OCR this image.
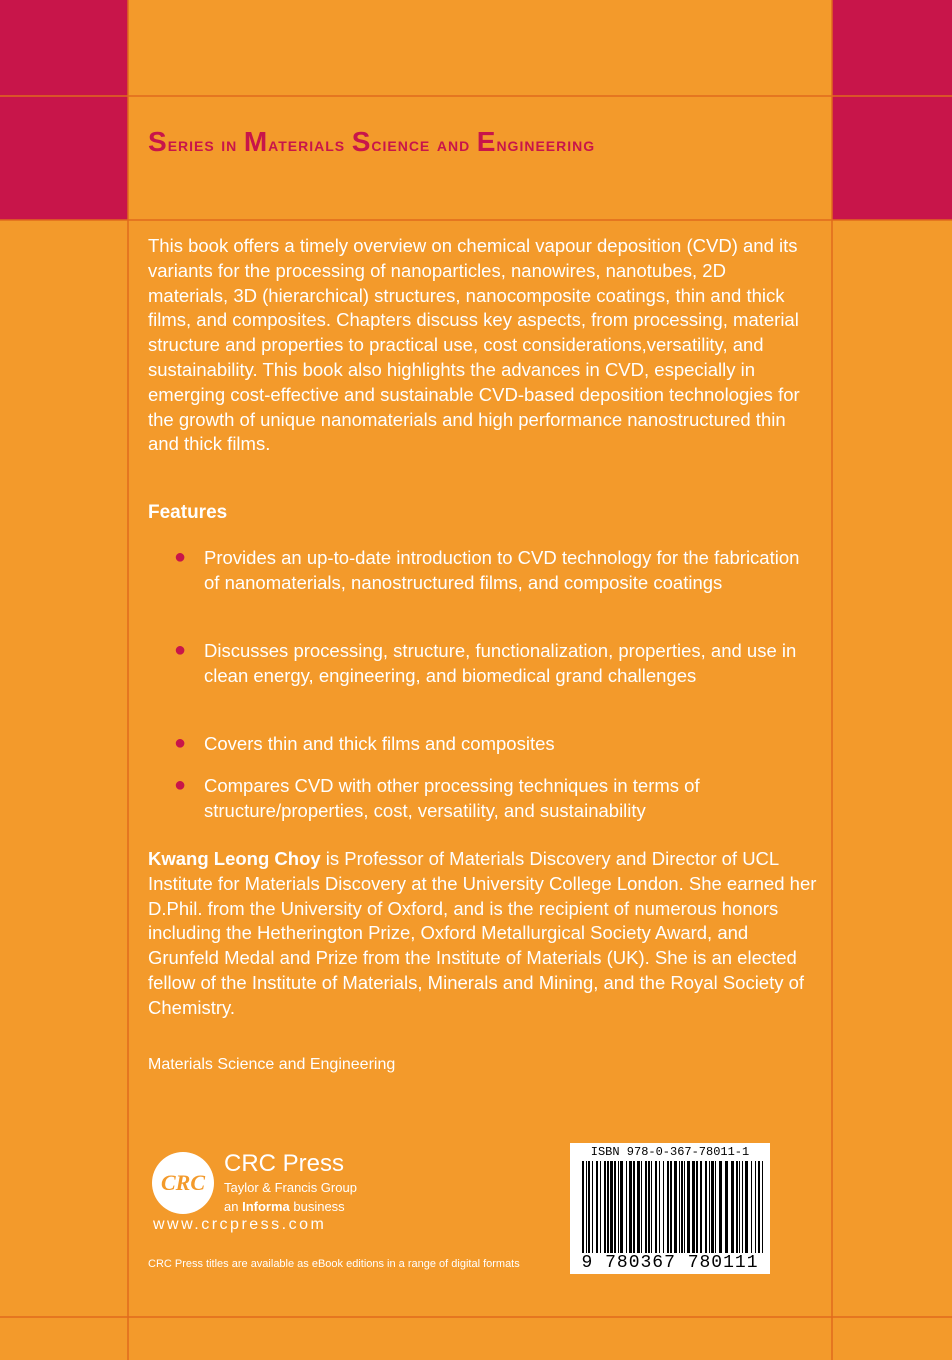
Series in Materials Science and Engineering

This book offers a timely overview on chemical vapour deposition (CVD) and its variants for the processing of nanoparticles, nanowires, nanotubes, 2D materials, 3D (hierarchical) structures, nanocomposite coatings, thin and thick films, and composites. Chapters discuss key aspects, from processing, material structure and properties to practical use, cost considerations,versatility, and sustainability. This book also highlights the advances in CVD, especially in emerging cost-effective and sustainable CVD-based deposition technologies for the growth of unique nanomaterials and high performance nanostructured thin and thick films.

Features
● Provides an up-to-date introduction to CVD technology for the fabrication of nanomaterials, nanostructured films, and composite coatings

● Discusses processing, structure, functionalization, properties, and use in clean energy, engineering, and biomedical grand challenges

● Covers thin and thick films and composites

● Compares CVD with other processing techniques in terms of structure/properties, cost, versatility, and sustainability

Kwang Leong Choy is Professor of Materials Discovery and Director of UCL Institute for Materials Discovery at the University College London. She earned her D.Phil. from the University of Oxford, and is the recipient of numerous honors including the Hetherington Prize, Oxford Metallurgical Society Award, and Grunfeld Medal and Prize from the Institute of Materials (UK). She is an elected fellow of the Institute of Materials, Minerals and Mining, and the Royal Society of Chemistry.

Materials Science and Engineering
CRC
CRC Press
Taylor & Francis Group
an Informa business
www.crcpress.com
CRC Press titles are available as eBook editions in a range of digital formats
ISBN 978-0-367-78011-1
9 780367 780111
